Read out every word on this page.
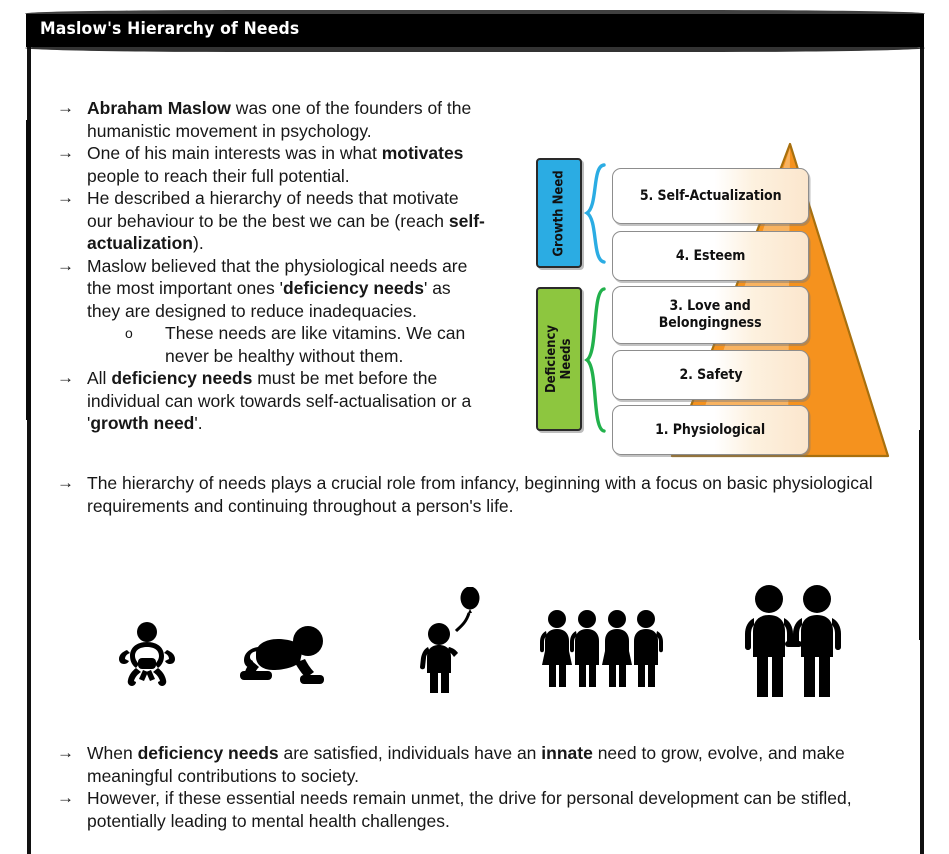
Maslow's Hierarchy of Needs
→ Abraham Maslow was one of the founders of the humanistic movement in psychology.
→ One of his main interests was in what motivates people to reach their full potential.
→ He described a hierarchy of needs that motivate our behaviour to be the best we can be (reach self-actualization).
→ Maslow believed that the physiological needs are the most important ones 'deficiency needs' as they are designed to reduce inadequacies.
o These needs are like vitamins. We can never be healthy without them.
→ All deficiency needs must be met before the individual can work towards self-actualisation or a 'growth need'.
Growth Need
Deficiency Needs
5. Self-Actualization
4. Esteem
3. Love and
Belongingness
2. Safety
1. Physiological
→ The hierarchy of needs plays a crucial role from infancy, beginning with a focus on basic physiological requirements and continuing throughout a person's life.
→ When deficiency needs are satisfied, individuals have an innate need to grow, evolve, and make meaningful contributions to society.
→ However, if these essential needs remain unmet, the drive for personal development can be stifled, potentially leading to mental health challenges.
